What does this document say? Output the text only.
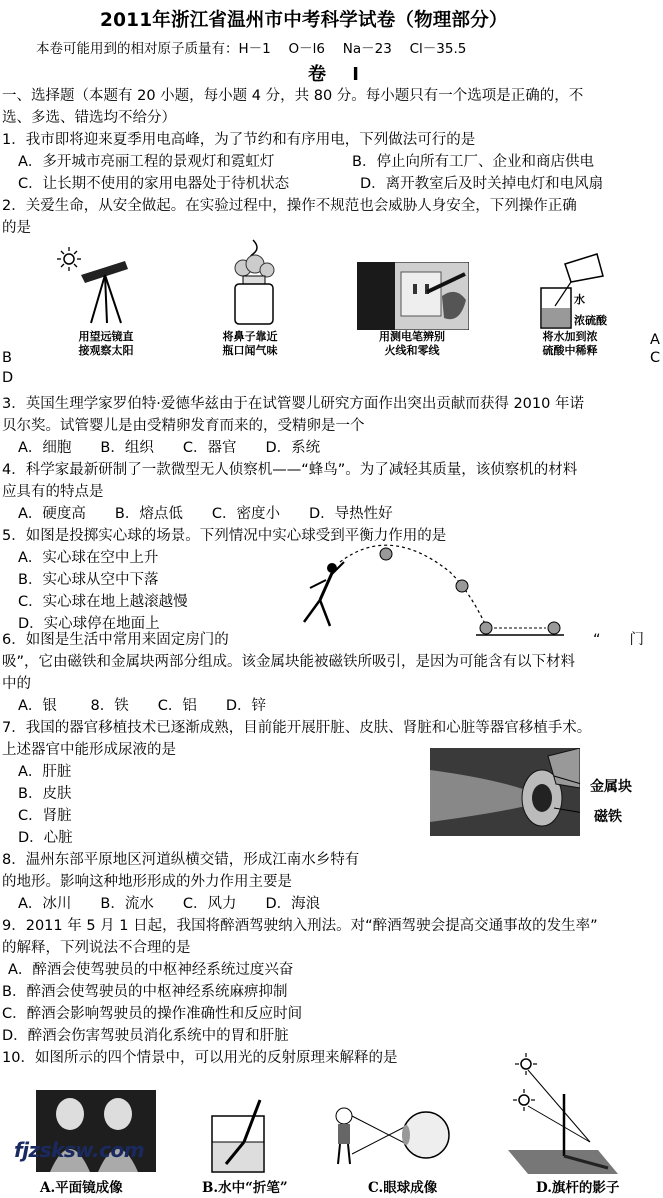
2011年浙江省温州市中考科学试卷（物理部分）
本卷可能用到的相对原子质量有：H－1　 O－l6　 Na－23　 Cl－35.5
卷 I
一、选择题（本题有 20 小题，每小题 4 分，共 80 分。每小题只有一个选项是正确的，不
选、多选、错选均不给分）
1．我市即将迎来夏季用电高峰，为了节约和有序用电，下列做法可行的是
A．多开城市亮丽工程的景观灯和霓虹灯	B．停止向所有工厂、企业和商店供电
C．让长期不使用的家用电器处于待机状态	D．离开教室后及时关掉电灯和电风扇
2．关爱生命，从安全做起。在实验过程中，操作不规范也会威胁人身安全，下列操作正确
的是
用望远镜直
接观察太阳
将鼻子靠近
瓶口闻气味
用测电笔辨别
火线和零线
水
浓硫酸
将水加到浓
硫酸中稀释
B
D
A
C
3．英国生理学家罗伯特·爱德华兹由于在试管婴儿研究方面作出突出贡献而获得 2010 年诺
贝尔奖。试管婴儿是由受精卵发育而来的，受精卵是一个
A．细胞　　B．组织　　C．器官　　D．系统
4．科学家最新研制了一款微型无人侦察机——“蜂鸟”。为了减轻其质量，该侦察机的材料
应具有的特点是
A．硬度高　　B．熔点低　　C．密度小　　D．导热性好
5．如图是投掷实心球的场景。下列情况中实心球受到平衡力作用的是
A．实心球在空中上升
B．实心球从空中下落
C．实心球在地上越滚越慢
D．实心球停在地面上
6．如图是生活中常用来固定房门的	“　　门
吸”，它由磁铁和金属块两部分组成。该金属块能被磁铁所吸引，是因为可能含有以下材料
中的
A．银　　 8．铁　　C．铝　　D．锌
7．我国的器官移植技术已逐渐成熟，目前能开展肝脏、皮肤、肾脏和心脏等器官移植手术。
上述器官中能形成尿液的是
A．肝脏
B．皮肤
C．肾脏
D．心脏
金属块
磁铁
8．温州东部平原地区河道纵横交错，形成江南水乡特有
的地形。影响这种地形形成的外力作用主要是
A．冰川　　B．流水　　C．风力　　D．海浪
9．2011 年 5 月 1 日起，我国将醉酒驾驶纳入刑法。对“醉酒驾驶会提高交通事故的发生率”
的解释，下列说法不合理的是
A．醉酒会使驾驶员的中枢神经系统过度兴奋
B．醉酒会使驾驶员的中枢神经系统麻痹抑制
C．醉酒会影响驾驶员的操作准确性和反应时间
D．醉酒会伤害驾驶员消化系统中的胃和肝脏
10．如图所示的四个情景中，可以用光的反射原理来解释的是
fjzsksw.com
A.平面镜成像	B.水中“折笔”	C.眼球成像	D.旗杆的影子
